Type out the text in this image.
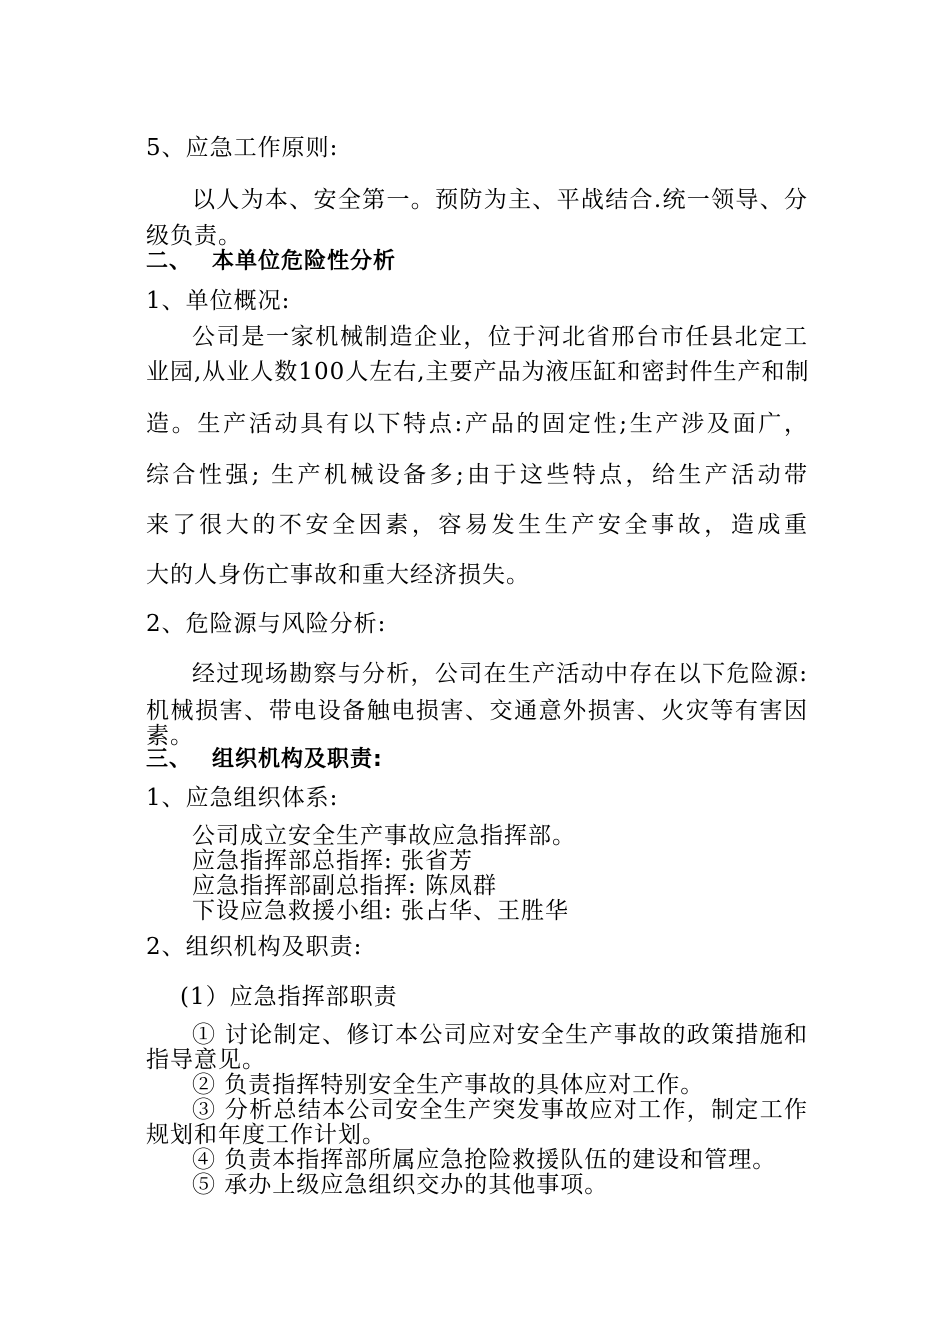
5、应急工作原则:
以人为本、安全第一。预防为主、平战结合.统一领导、分
级负责。
二、 本单位危险性分析
1、单位概况:
公司是一家机械制造企业，位于河北省邢台市任县北定工
业园,从业人数100人左右,主要产品为液压缸和密封件生产和制
造。生产活动具有以下特点:产品的固定性;生产涉及面广，
综合性强; 生产机械设备多;由于这些特点，给生产活动带
来了很大的不安全因素，容易发生生产安全事故，造成重
大的人身伤亡事故和重大经济损失。
2、危险源与风险分析:
经过现场勘察与分析，公司在生产活动中存在以下危险源:
机械损害、带电设备触电损害、交通意外损害、火灾等有害因
素。
三、 组织机构及职责:
1、应急组织体系:
公司成立安全生产事故应急指挥部。
应急指挥部总指挥: 张省芳
应急指挥部副总指挥: 陈凤群
下设应急救援小组: 张占华、王胜华
2、组织机构及职责:
(1）应急指挥部职责
① 讨论制定、修订本公司应对安全生产事故的政策措施和
指导意见。
② 负责指挥特别安全生产事故的具体应对工作。
③ 分析总结本公司安全生产突发事故应对工作，制定工作
规划和年度工作计划。
④ 负责本指挥部所属应急抢险救援队伍的建设和管理。
⑤ 承办上级应急组织交办的其他事项。
